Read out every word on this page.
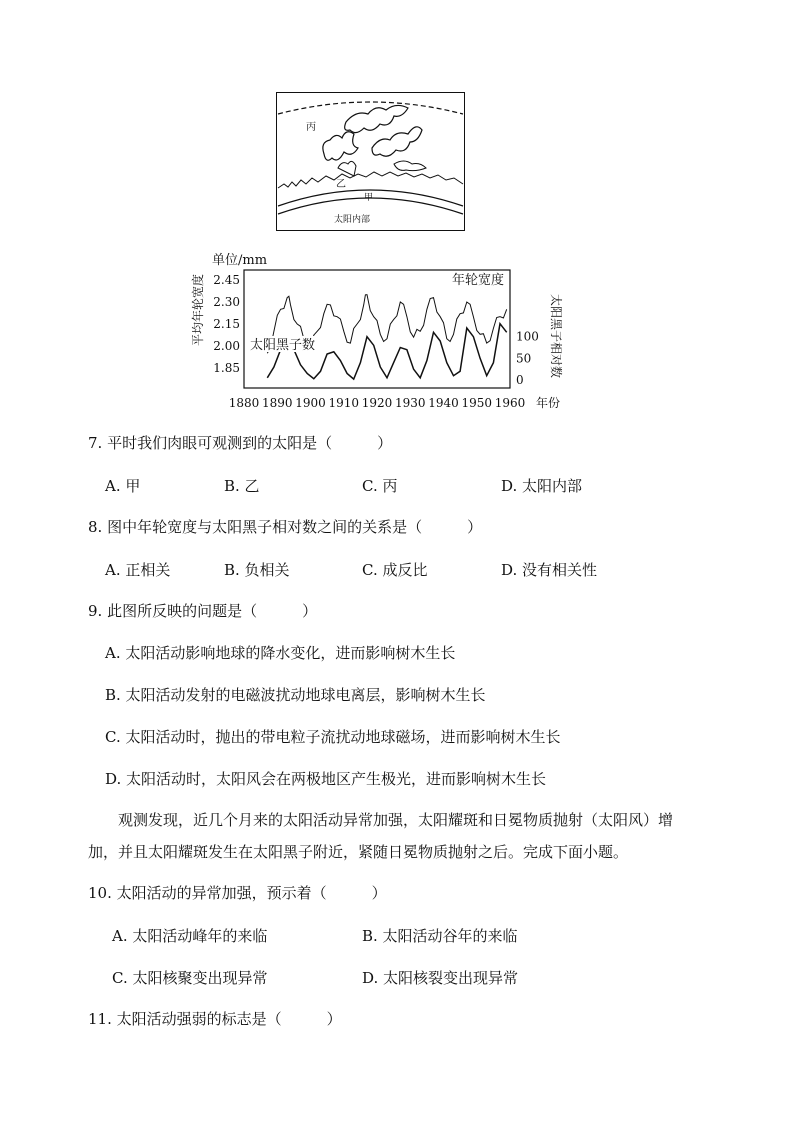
丙
乙
甲
太阳内部
单位/mm
平均年轮宽度	太阳黑子相对数
年份
2.45
2.30
2.15
2.00
1.85
100
50
0
1880 1890 1900 1910 1920 1930 1940 1950 1960
年轮宽度
太阳黑子数
7. 平时我们肉眼可观测到的太阳是（　　　）
A. 甲	B. 乙	C. 丙	D. 太阳内部
8. 图中年轮宽度与太阳黑子相对数之间的关系是（　　　）
A. 正相关	B. 负相关	C. 成反比	D. 没有相关性
9. 此图所反映的问题是（　　　）
A. 太阳活动影响地球的降水变化，进而影响树木生长
B. 太阳活动发射的电磁波扰动地球电离层，影响树木生长
C. 太阳活动时，抛出的带电粒子流扰动地球磁场，进而影响树木生长
D. 太阳活动时，太阳风会在两极地区产生极光，进而影响树木生长
观测发现，近几个月来的太阳活动异常加强，太阳耀斑和日冕物质抛射（太阳风）增
加，并且太阳耀斑发生在太阳黑子附近，紧随日冕物质抛射之后。完成下面小题。
10. 太阳活动的异常加强，预示着（　　　）
A. 太阳活动峰年的来临	B. 太阳活动谷年的来临
C. 太阳核聚变出现异常	D. 太阳核裂变出现异常
11. 太阳活动强弱的标志是（　　　）
